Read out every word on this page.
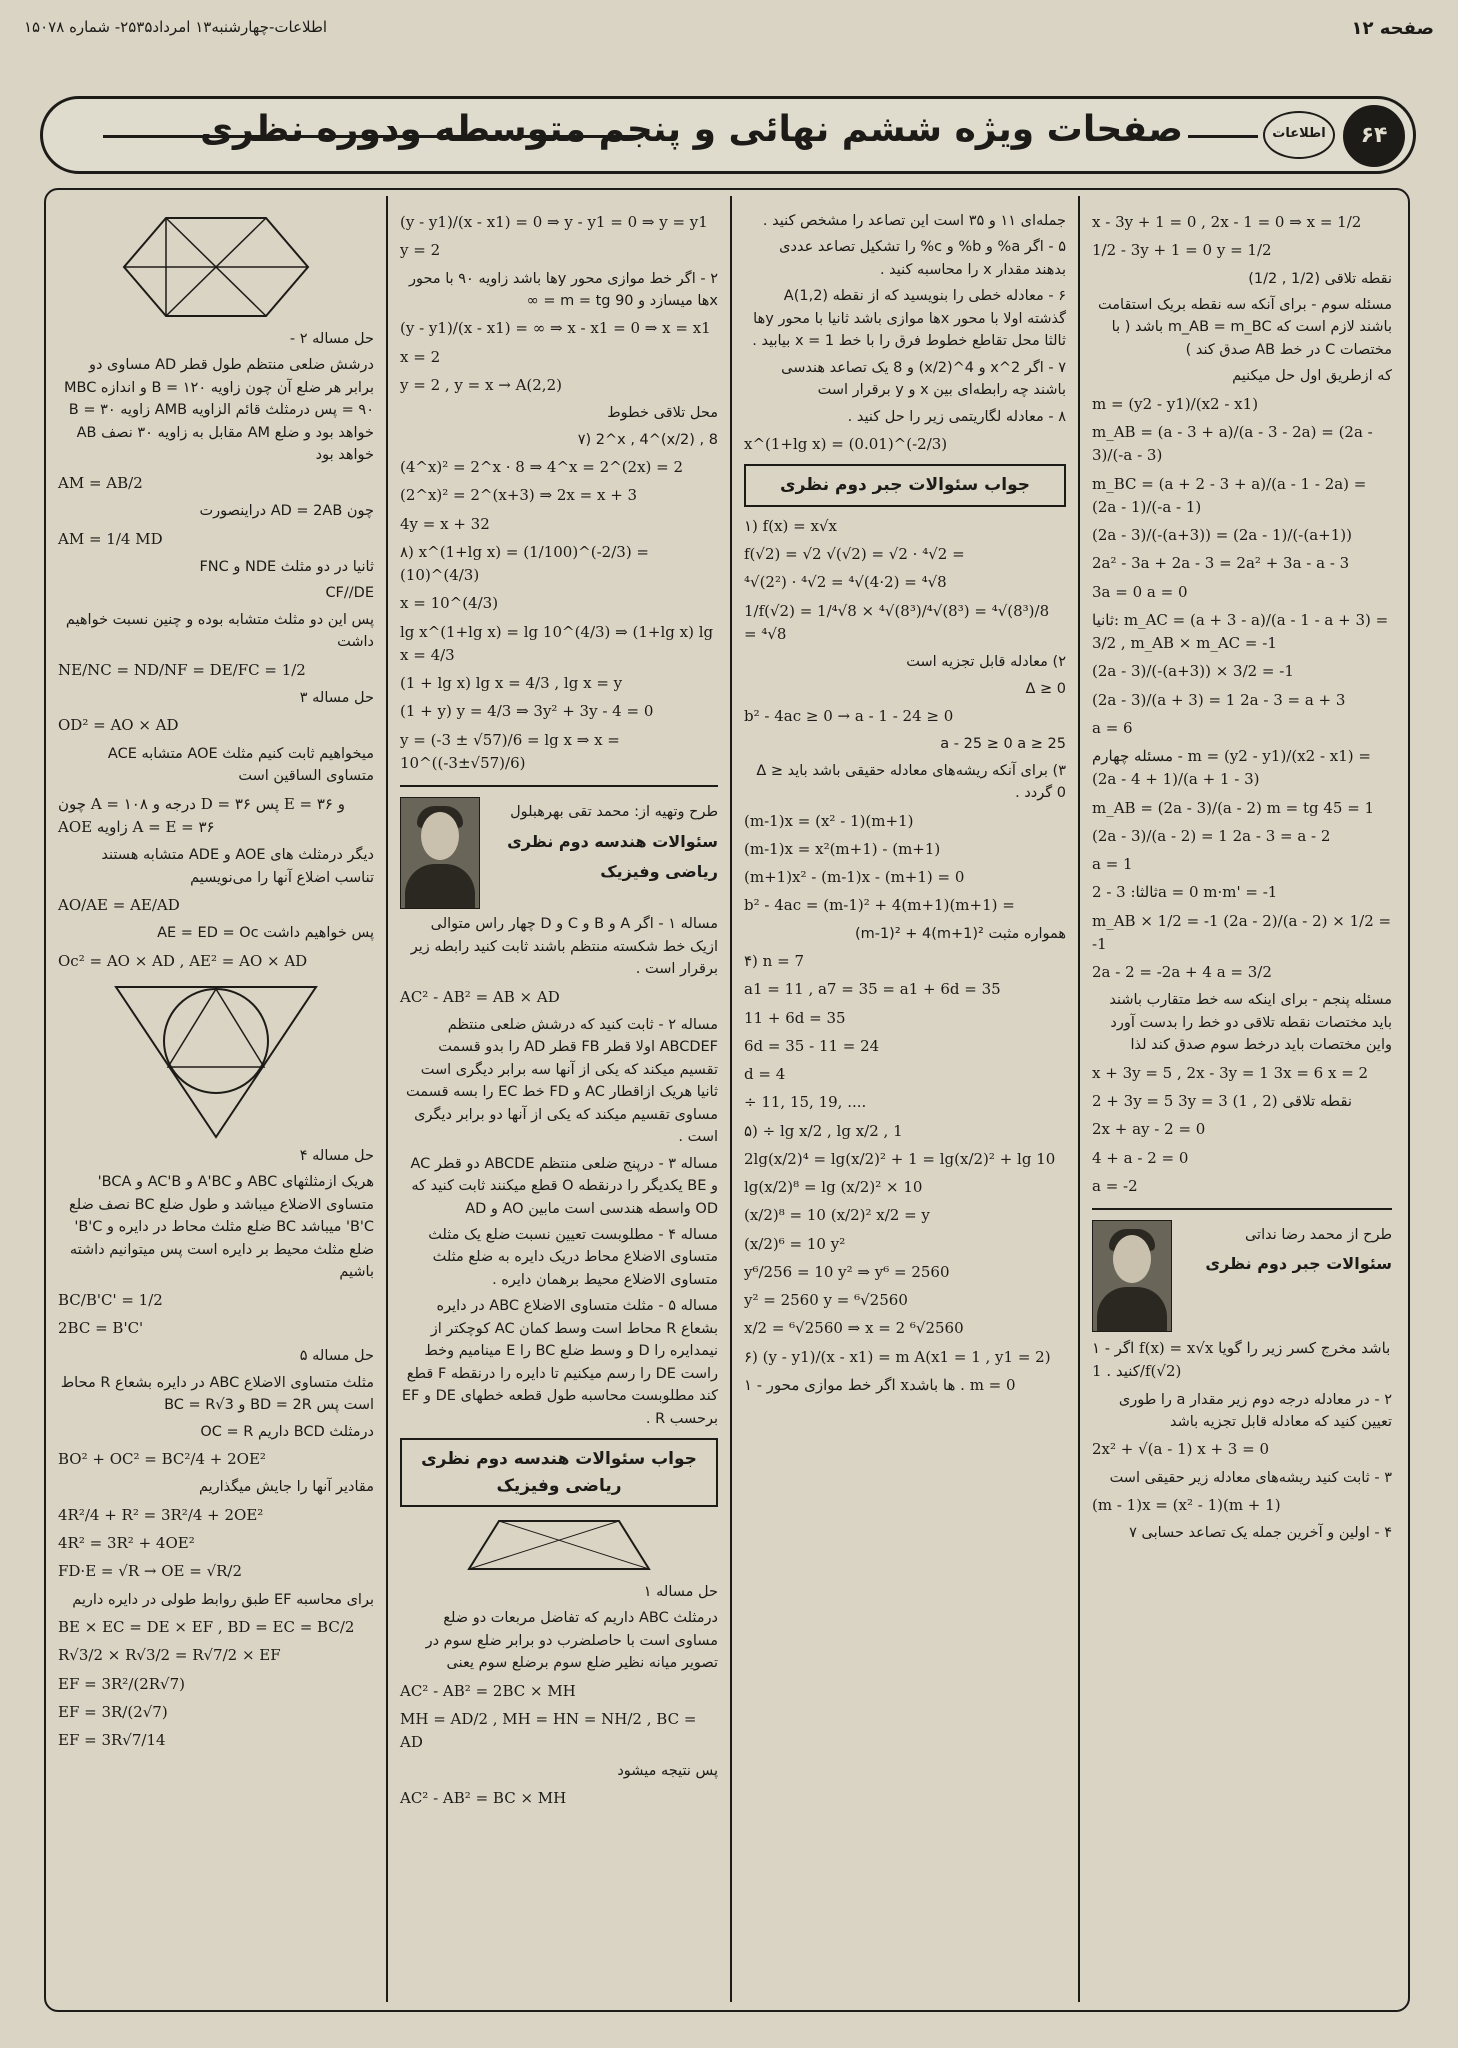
اطلاعات-چهارشنبه۱۳ امرداد۲۵۳۵- شماره ۱۵۰۷۸	صفحه ۱۲
صفحات ویژه ششم نهائی و پنجم متوسطه ودوره نظری	اطلاعات	۶۴
حل مساله ۲ -
درشش ضلعی منتظم طول قطر AD مساوی دو برابر هر ضلع آن چون زاویه B = ۱۲۰ و اندازه MBC = ۹۰ پس درمثلث قائم الزاویه AMB زاویه B = ۳۰ خواهد بود و ضلع AM مقابل به زاویه ۳۰ نصف AB خواهد بود
AM = AB/2
چون AD = 2AB دراینصورت
AM = 1/4 MD
ثانیا در دو مثلث NDE و FNC
CF//DE
پس این دو مثلث متشابه بوده و چنین نسبت خواهیم داشت
NE/NC = ND/NF = DE/FC = 1/2
حل مساله ۳
OD² = AO × AD
میخواهیم ثابت کنیم مثلث AOE متشابه ACE متساوی الساقین است
چون A = ۱۰۸ درجه و D = ۳۶ پس E = ۳۶ و AOE زاویه A = E = ۳۶
دیگر درمثلث های AOE و ADE متشابه هستند تناسب اضلاع آنها را می‌نویسیم
AO/AE = AE/AD
پس خواهیم داشت AE = ED = Oc
Oc² = AO × AD , AE² = AO × AD
حل مساله ۴
هریک ازمثلثهای ABC و A'BC و AC'B و BCA' متساوی الاضلاع میباشد و طول ضلع BC نصف ضلع B'C' میباشد BC ضلع مثلث محاط در دایره و B'C' ضلع مثلث محیط بر دایره است پس میتوانیم داشته باشیم
BC/B'C' = 1/2
2BC = B'C'
حل مساله ۵
مثلث متساوی الاضلاع ABC در دایره بشعاع R محاط است پس BD = 2R و BC = R√3
درمثلث BCD داریم OC = R
BO² + OC² = BC²/4 + 2OE²
مقادیر آنها را جایش میگذاریم
4R²/4 + R² = 3R²/4 + 2OE²
4R² = 3R² + 4OE²
FD·E = √R → OE = √R/2
برای محاسبه EF طبق روابط طولی در دایره داریم
BE × EC = DE × EF , BD = EC = BC/2
R√3/2 × R√3/2 = R√7/2 × EF
EF = 3R²/(2R√7)
EF = 3R/(2√7)
EF = 3R√7/14
(y - y1)/(x - x1) = 0 ⇒ y - y1 = 0 ⇒ y = y1
y = 2
۲ - اگر خط موازی محور yها باشد زاویه ۹۰ با محور xها میسازد و m = tg 90 = ∞
(y - y1)/(x - x1) = ∞ ⇒ x - x1 = 0 ⇒ x = x1
x = 2
y = 2 , y = x → A(2,2)
محل تلاقی خطوط
۷) 2^x , 4^(x/2) , 8
(4^x)² = 2^x · 8 ⇒ 4^x = 2^(2x) = 2
(2^x)² = 2^(x+3) ⇒ 2x = x + 3
4y = x + 32
۸) x^(1+lg x) = (1/100)^(-2/3) = (10)^(4/3)
x = 10^(4/3)
lg x^(1+lg x) = lg 10^(4/3) ⇒ (1+lg x) lg x = 4/3
(1 + lg x) lg x = 4/3 , lg x = y
(1 + y) y = 4/3 ⇒ 3y² + 3y - 4 = 0
y = (-3 ± √57)/6 = lg x ⇒ x = 10^((-3±√57)/6)
طرح وتهیه از: محمد تقی بهرهبلول
سئوالات هندسه دوم نظری
ریاضی وفیزیک
مساله ۱ - اگر A و B و C و D چهار راس متوالی ازیک خط شکسته منتظم باشند ثابت کنید رابطه زیر برقرار است .
AC² - AB² = AB × AD
مساله ۲ - ثابت کنید که درشش ضلعی منتظم ABCDEF اولا قطر FB قطر AD را بدو قسمت تقسیم میکند که یکی از آنها سه برابر دیگری است ثانیا هریک ازاقطار AC و FD خط EC را بسه قسمت مساوی تقسیم میکند که یکی از آنها دو برابر دیگری است .
مساله ۳ - درپنج ضلعی منتظم ABCDE دو قطر AC و BE یکدیگر را درنقطه O قطع میکنند ثابت کنید که OD واسطه هندسی است مابین AO و AD
مساله ۴ - مطلوبست تعیین نسبت ضلع یک مثلث متساوی الاضلاع محاط دریک دایره به ضلع مثلث متساوی الاضلاع محیط برهمان دایره .
مساله ۵ - مثلث متساوی الاضلاع ABC در دایره بشعاع R محاط است وسط کمان AC کوچکتر از نیمدایره را D و وسط ضلع BC را E مینامیم وخط راست DE را رسم میکنیم تا دایره را درنقطه F قطع کند مطلوبست محاسبه طول قطعه خطهای DE و EF برحسب R .
جواب سئوالات هندسه دوم نظری
ریاضی وفیزیک
حل مساله ۱
درمثلث ABC داریم که تفاضل مربعات دو ضلع مساوی است با حاصلضرب دو برابر ضلع سوم در تصویر میانه نظیر ضلع سوم برضلع سوم یعنی
AC² - AB² = 2BC × MH
MH = AD/2 , MH = HN = NH/2 , BC = AD
پس نتیجه میشود
AC² - AB² = BC × MH
جمله‌ای ۱۱ و ۳۵ است این تصاعد را مشخص کنید .
۵ - اگر a% و b% و c% را تشکیل تصاعد عددی بدهند مقدار x را محاسبه کنید .
۶ - معادله خطی را بنویسید که از نقطه A(1,2) گذشته اولا با محور xها موازی باشد ثانیا با محور yها ثالثا محل تقاطع خطوط فرق را با خط x = 1 بیابید .
۷ - اگر 2^x و 4^(x/2) و 8 یک تصاعد هندسی باشند چه رابطه‌ای بین x و y برقرار است
۸ - معادله لگاریتمی زیر را حل کنید .
x^(1+lg x) = (0.01)^(-2/3)
جواب سئوالات جبر دوم نظری
۱) f(x) = x√x
f(√2) = √2 √(√2) = √2 · ⁴√2 =
⁴√(2²) · ⁴√2 = ⁴√(4·2) = ⁴√8
1/f(√2) = 1/⁴√8 × ⁴√(8³)/⁴√(8³) = ⁴√(8³)/8 = ⁴√8
۲) معادله قابل تجزیه است
Δ ≥ 0
b² - 4ac ≥ 0 → a - 1 - 24 ≥ 0
a - 25 ≥ 0 a ≥ 25
۳) برای آنکه ریشه‌های معادله حقیقی باشد باید Δ ≥ 0 گردد .
(m-1)x = (x² - 1)(m+1)
(m-1)x = x²(m+1) - (m+1)
(m+1)x² - (m-1)x - (m+1) = 0
b² - 4ac = (m-1)² + 4(m+1)(m+1) =
(m-1)² + 4(m+1)² همواره مثبت
۴) n = 7
a1 = 11 , a7 = 35 = a1 + 6d = 35
11 + 6d = 35
6d = 35 - 11 = 24
d = 4
÷ 11, 15, 19, ....
۵) ÷ lg x/2 , lg x/2 , 1
2lg(x/2)⁴ = lg(x/2)² + 1 = lg(x/2)² + lg 10
lg(x/2)⁸ = lg (x/2)² × 10
(x/2)⁸ = 10 (x/2)² x/2 = y
(x/2)⁶ = 10 y²
y⁶/256 = 10 y² ⇒ y⁶ = 2560
y² = 2560 y = ⁶√2560
x/2 = ⁶√2560 ⇒ x = 2 ⁶√2560
۶) (y - y1)/(x - x1) = m A(x1 = 1 , y1 = 2)
۱ - اگر خط موازی محور xها باشد . m = 0
x - 3y + 1 = 0 , 2x - 1 = 0 ⇒ x = 1/2
1/2 - 3y + 1 = 0 y = 1/2
نقطه تلاقی (1/2 , 1/2)
مسئله سوم - برای آنکه سه نقطه بریک استقامت باشند لازم است که m_AB = m_BC باشد ( با مختصات C در خط AB صدق کند )
که ازطریق اول حل میکنیم
m = (y2 - y1)/(x2 - x1)
m_AB = (a - 3 + a)/(a - 3 - 2a) = (2a - 3)/(-a - 3)
m_BC = (a + 2 - 3 + a)/(a - 1 - 2a) = (2a - 1)/(-a - 1)
(2a - 3)/(-(a+3)) = (2a - 1)/(-(a+1))
2a² - 3a + 2a - 3 = 2a² + 3a - a - 3
3a = 0 a = 0
ثانیا: m_AC = (a + 3 - a)/(a - 1 - a + 3) = 3/2 , m_AB × m_AC = -1
(2a - 3)/(-(a+3)) × 3/2 = -1
(2a - 3)/(a + 3) = 1 2a - 3 = a + 3
a = 6
مسئله چهارم - m = (y2 - y1)/(x2 - x1) = (2a - 4 + 1)/(a + 1 - 3)
m_AB = (2a - 3)/(a - 2) m = tg 45 = 1
(2a - 3)/(a - 2) = 1 2a - 3 = a - 2
a = 1
ثالثا: 3 - 2a = 0 m·m' = -1
m_AB × 1/2 = -1 (2a - 2)/(a - 2) × 1/2 = -1
2a - 2 = -2a + 4 a = 3/2
مسئله پنجم - برای اینکه سه خط متقارب باشند باید مختصات نقطه تلاقی دو خط را بدست آورد واین مختصات باید درخط سوم صدق کند لذا
x + 3y = 5 , 2x - 3y = 1 3x = 6 x = 2
2 + 3y = 5 3y = 3 نقطه تلاقی (2 , 1)
2x + ay - 2 = 0
4 + a - 2 = 0
a = -2
طرح از محمد رضا نداتی
سئوالات جبر دوم نظری
۱ - اگر f(x) = x√x باشد مخرج کسر زیر را گویا کنید . 1/f(√2)
۲ - در معادله درجه دوم زیر مقدار a را طوری تعیین کنید که معادله قابل تجزیه باشد
2x² + √(a - 1) x + 3 = 0
۳ - ثابت کنید ریشه‌های معادله زیر حقیقی است
(m - 1)x = (x² - 1)(m + 1)
۴ - اولین و آخرین جمله یک تصاعد حسابی ۷
